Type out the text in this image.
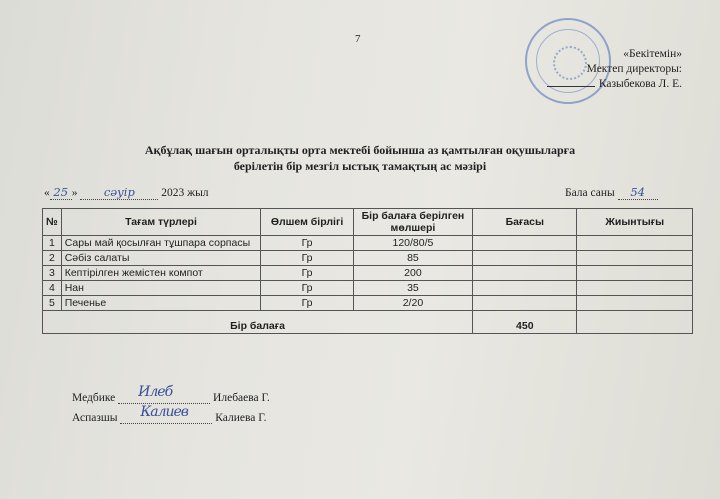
7
«Бекітемін»
Мектеп директоры:
Казыбекова Л. Е.
Ақбұлақ шағын орталықты орта мектебі бойынша аз қамтылған оқушыларға
берілетін бір мезгіл ыстық тамақтың ас мәзірі
« 25 » сәуір 2023 жыл	Бала саны 54
№	Тағам түрлері	Өлшем бірлігі	Бір балаға берілген мөлшері	Бағасы	Жиынтығы
1	Сары май қосылған тұшпара сорпасы	Гр	120/80/5		
2	Сәбіз салаты	Гр	85		
3	Кептірілген жемістен компот	Гр	200		
4	Нан	Гр	35		
5	Печенье	Гр	2/20		
Бір балаға				450	
Медбике Илеб	Илебаева Г.
Аспазшы Калиев Калиева Г.
